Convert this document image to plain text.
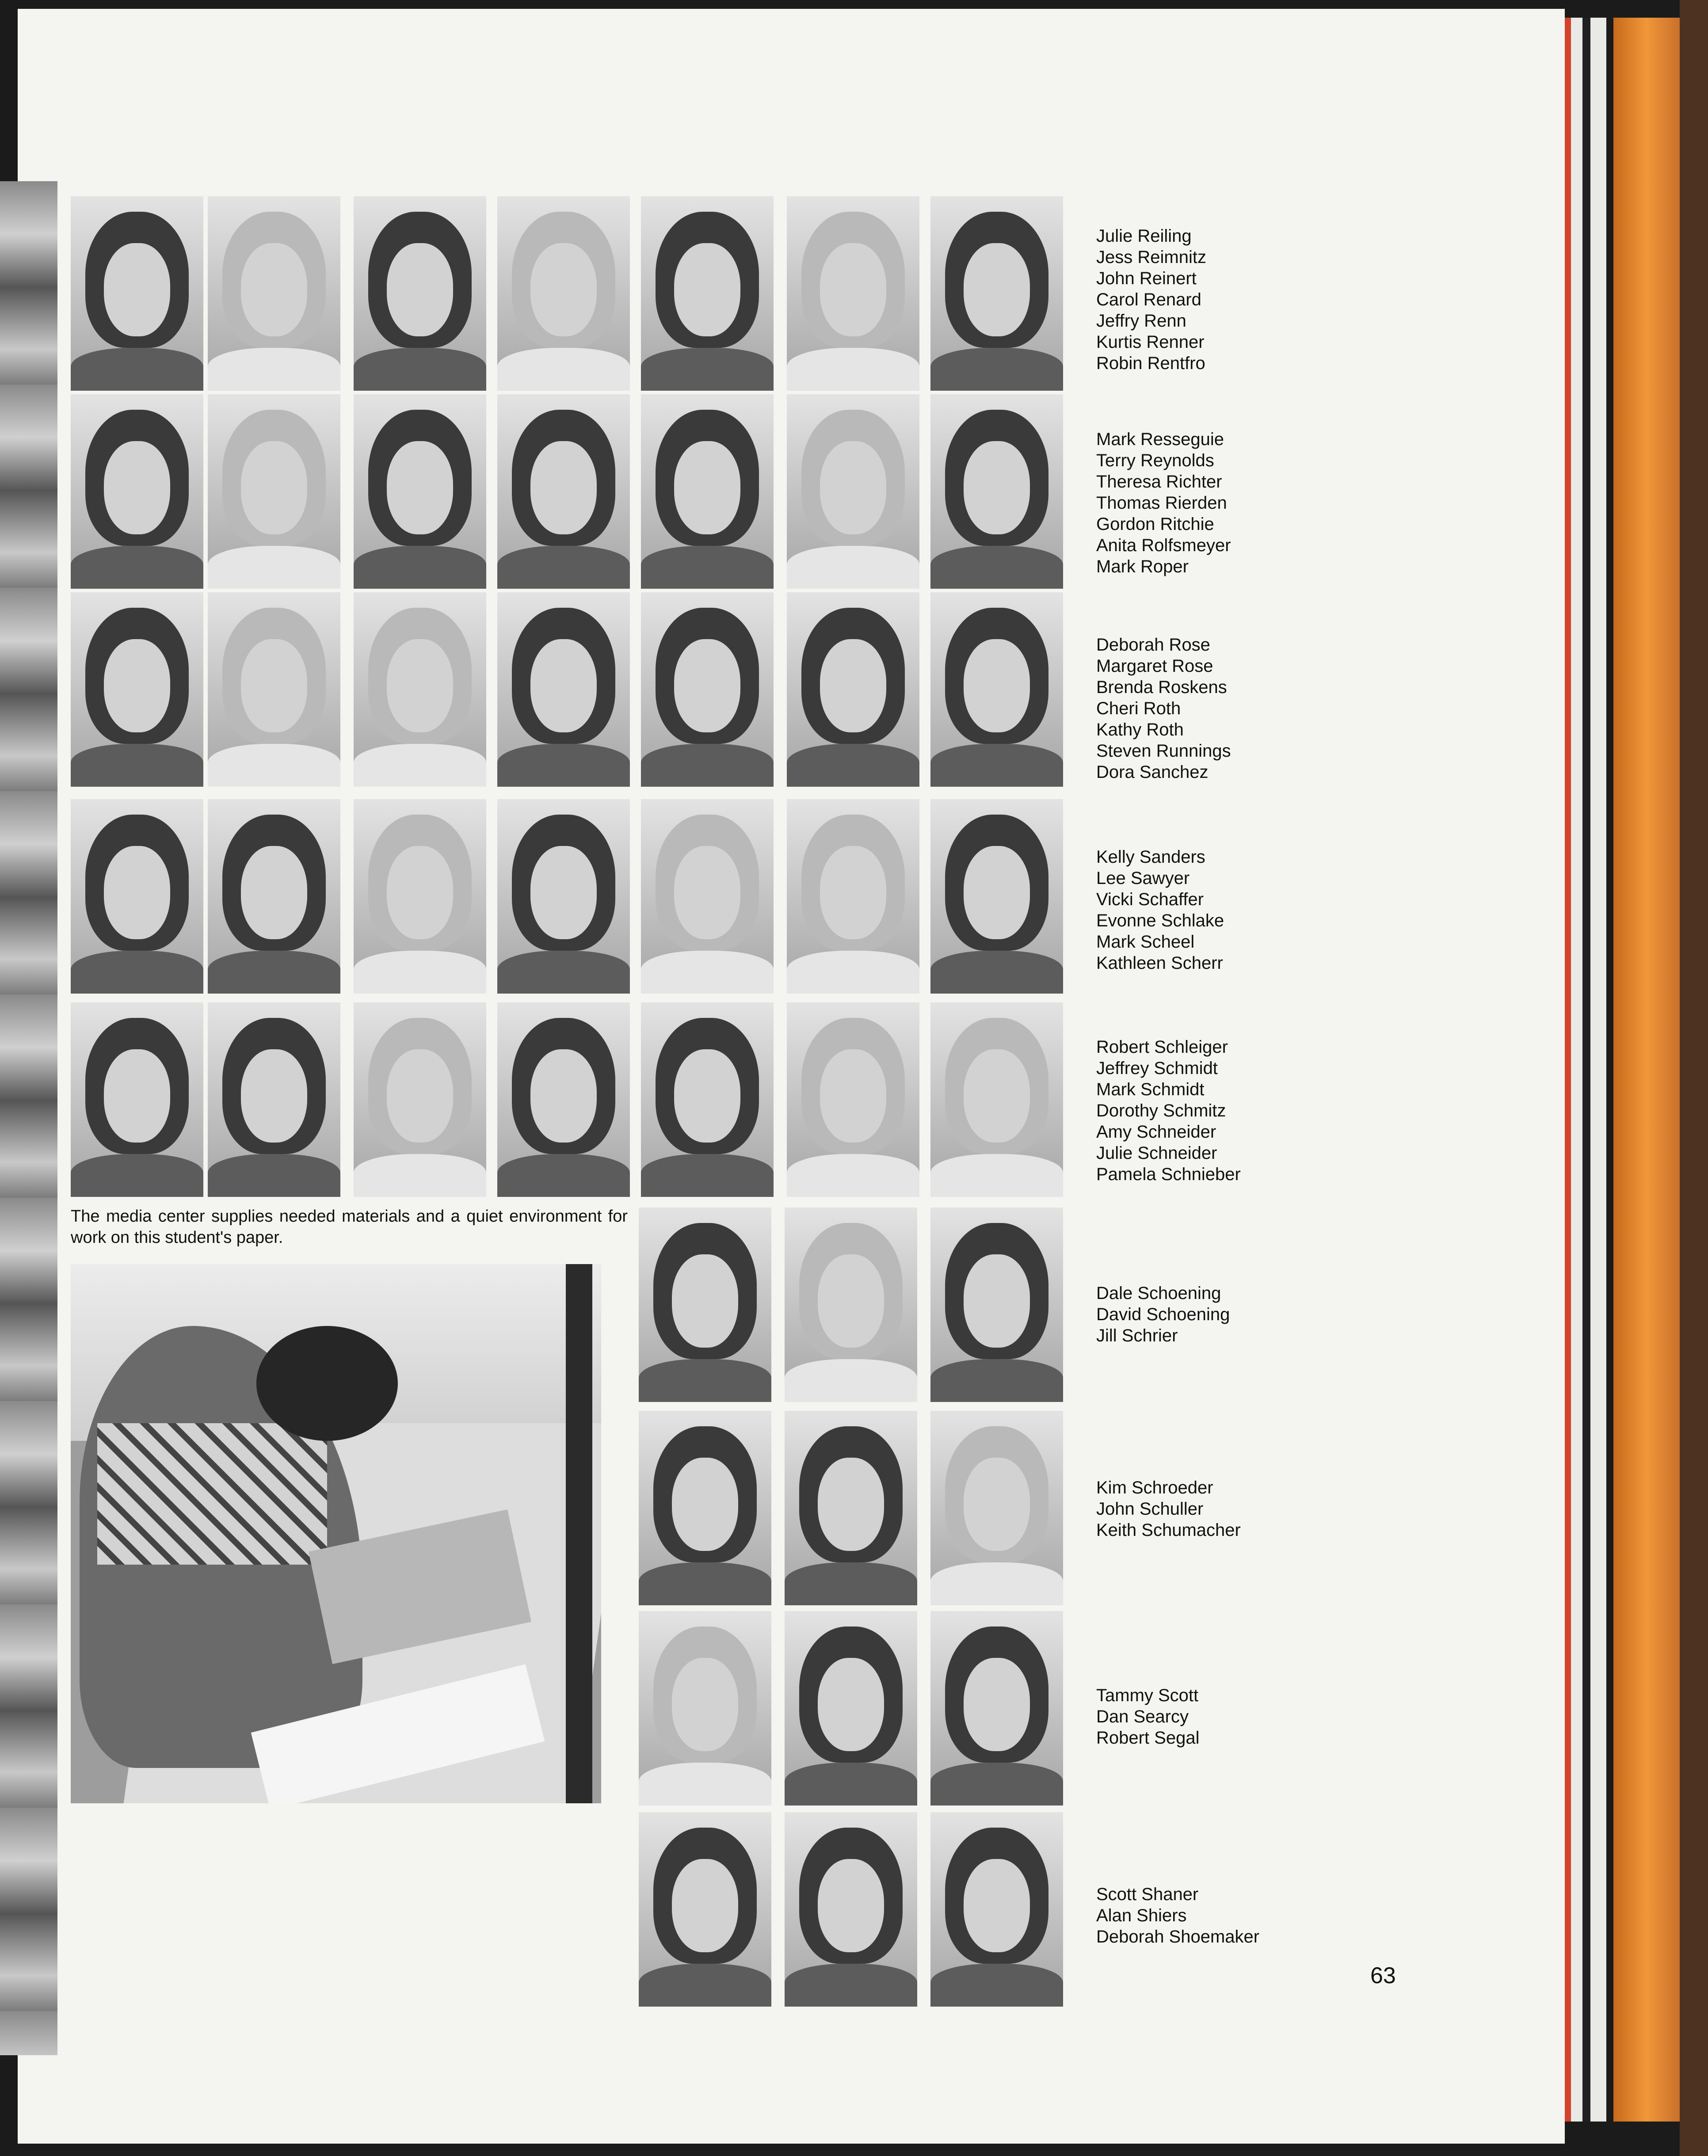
Julie Reiling
Jess Reimnitz
John Reinert
Carol Renard
Jeffry Renn
Kurtis Renner
Robin Rentfro
Mark Resseguie
Terry Reynolds
Theresa Richter
Thomas Rierden
Gordon Ritchie
Anita Rolfsmeyer
Mark Roper
Deborah Rose
Margaret Rose
Brenda Roskens
Cheri Roth
Kathy Roth
Steven Runnings
Dora Sanchez
Kelly Sanders
Lee Sawyer
Vicki Schaffer
Evonne Schlake
Mark Scheel
Kathleen Scherr
Robert Schleiger
Jeffrey Schmidt
Mark Schmidt
Dorothy Schmitz
Amy Schneider
Julie Schneider
Pamela Schnieber
Dale Schoening
David Schoening
Jill Schrier
Kim Schroeder
John Schuller
Keith Schumacher
Tammy Scott
Dan Searcy
Robert Segal
Scott Shaner
Alan Shiers
Deborah Shoemaker
The media center supplies needed materials and a quiet environment for work on this student's paper.
63
